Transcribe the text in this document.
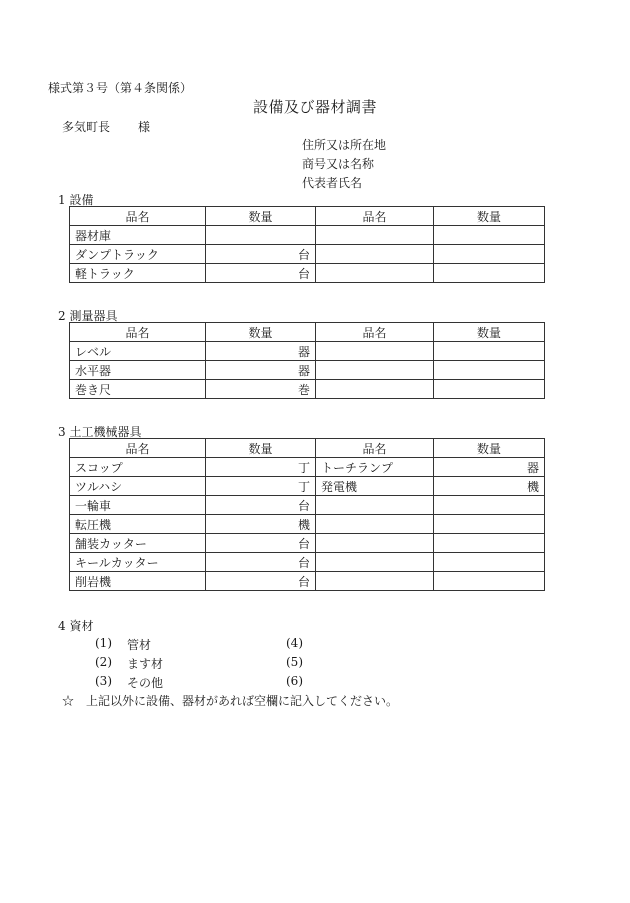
様式第３号（第４条関係）
設備及び器材調書
多気町長 様
住所又は所在地
商号又は名称
代表者氏名
1 設備
品名	数量	品名	数量
器材庫			
ダンプトラック	台		
軽トラック	台		
2 測量器具
品名	数量	品名	数量
レベル	器		
水平器	器		
巻き尺	巻		
3 土工機械器具
品名	数量	品名	数量
スコップ	丁	トーチランプ	器
ツルハシ	丁	発電機	機
一輪車	台		
転圧機	機		
舗装カッター	台		
キールカッター	台		
削岩機	台		
4 資材
(1) 管材	(4)
(2) ます材	(5)
(3) その他	(6)
☆　上記以外に設備、器材があれば空欄に記入してください。
